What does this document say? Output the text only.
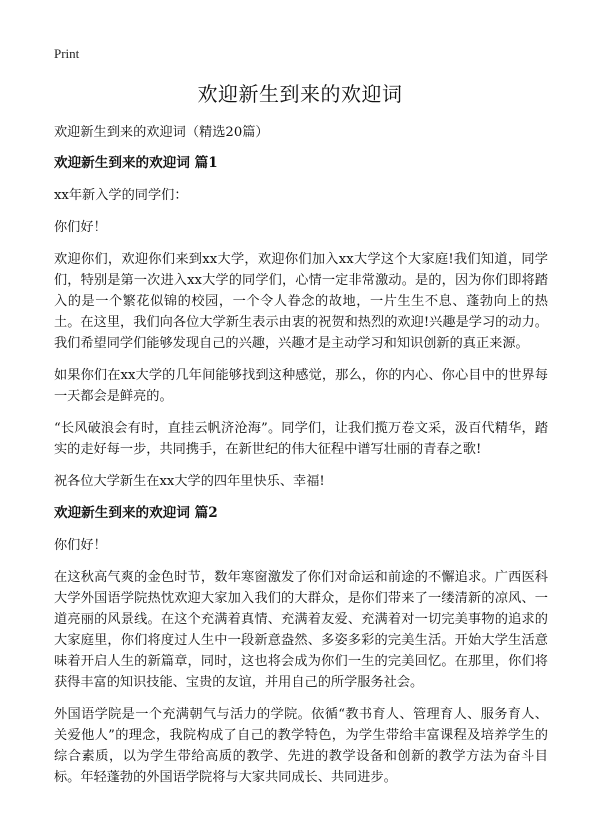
Print
欢迎新生到来的欢迎词

欢迎新生到来的欢迎词（精选20篇）

欢迎新生到来的欢迎词 篇1

xx年新入学的同学们：

你们好！

欢迎你们，欢迎你们来到xx大学，欢迎你们加入xx大学这个大家庭!我们知道，同学们，特别是第一次进入xx大学的同学们，心情一定非常激动。是的，因为你们即将踏入的是一个繁花似锦的校园，一个令人眷念的故地，一片生生不息、蓬勃向上的热土。在这里，我们向各位大学新生表示由衷的祝贺和热烈的欢迎!兴趣是学习的动力。我们希望同学们能够发现自己的兴趣，兴趣才是主动学习和知识创新的真正来源。

如果你们在xx大学的几年间能够找到这种感觉，那么，你的内心、你心目中的世界每一天都会是鲜亮的。

“长风破浪会有时，直挂云帆济沧海”。同学们，让我们揽万卷文采，汲百代精华，踏实的走好每一步，共同携手，在新世纪的伟大征程中谱写壮丽的青春之歌!

祝各位大学新生在xx大学的四年里快乐、幸福!

欢迎新生到来的欢迎词 篇2

你们好！

在这秋高气爽的金色时节，数年寒窗激发了你们对命运和前途的不懈追求。广西医科大学外国语学院热忱欢迎大家加入我们的大群众，是你们带来了一缕清新的凉风、一道亮丽的风景线。在这个充满着真情、充满着友爱、充满着对一切完美事物的追求的大家庭里，你们将度过人生中一段新意盎然、多姿多彩的完美生活。开始大学生活意味着开启人生的新篇章，同时，这也将会成为你们一生的完美回忆。在那里，你们将获得丰富的知识技能、宝贵的友谊，并用自己的所学服务社会。

外国语学院是一个充满朝气与活力的学院。依循“教书育人、管理育人、服务育人、关爱他人”的理念，我院构成了自己的教学特色，为学生带给丰富课程及培养学生的综合素质，以为学生带给高质的教学、先进的教学设备和创新的教学方法为奋斗目标。年轻蓬勃的外国语学院将与大家共同成长、共同进步。
